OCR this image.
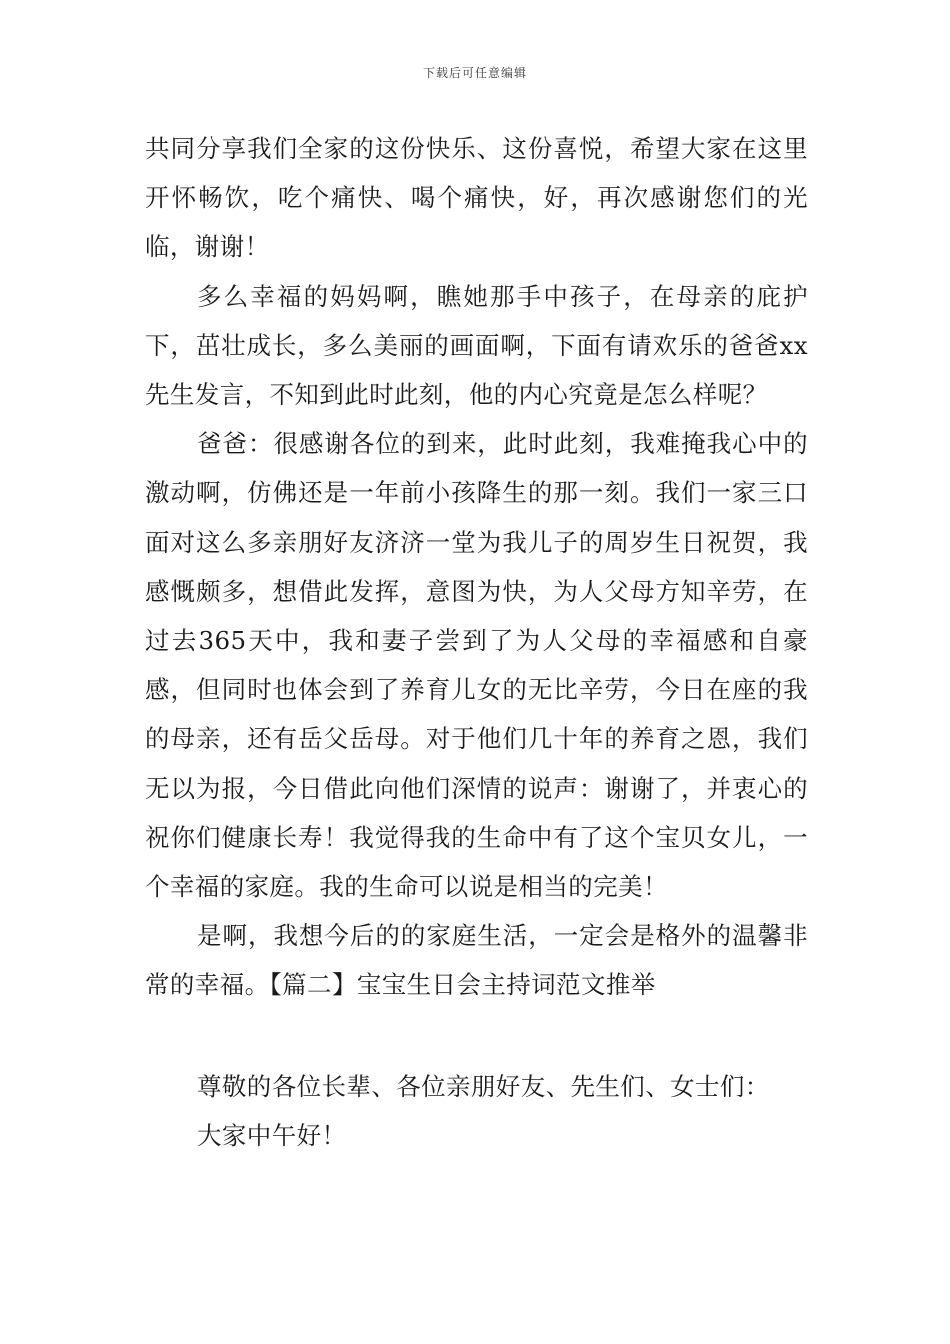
下载后可任意编辑

共同分享我们全家的这份快乐、这份喜悦，希望大家在这里开怀畅饮，吃个痛快、喝个痛快，好，再次感谢您们的光临，谢谢！

多么幸福的妈妈啊，瞧她那手中孩子，在母亲的庇护下，茁壮成长，多么美丽的画面啊，下面有请欢乐的爸爸xx先生发言，不知到此时此刻，他的内心究竟是怎么样呢？

爸爸：很感谢各位的到来，此时此刻，我难掩我心中的激动啊，仿佛还是一年前小孩降生的那一刻。我们一家三口面对这么多亲朋好友济济一堂为我儿子的周岁生日祝贺，我感慨颇多，想借此发挥，意图为快，为人父母方知辛劳，在过去365天中，我和妻子尝到了为人父母的幸福感和自豪感，但同时也体会到了养育儿女的无比辛劳，今日在座的我的母亲，还有岳父岳母。对于他们几十年的养育之恩，我们无以为报，今日借此向他们深情的说声：谢谢了，并衷心的祝你们健康长寿！我觉得我的生命中有了这个宝贝女儿，一个幸福的家庭。我的生命可以说是相当的完美！

是啊，我想今后的的家庭生活，一定会是格外的温馨非常的幸福。【篇二】宝宝生日会主持词范文推举

尊敬的各位长辈、各位亲朋好友、先生们、女士们：

大家中午好！
